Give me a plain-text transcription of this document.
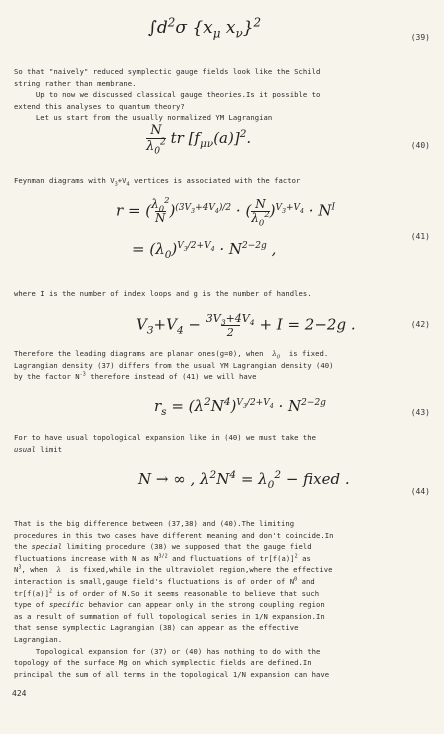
$\int d^2\sigma$ {$x_\mu$ $x_\nu\}^2$
(39)
So that "naively" reduced symplectic gauge fields look like the Schild
string rather than membrane.
Up to now we discussed classical gauge theories.Is it possible to
extend this analyses to quantum theory?
Let us start from the usually normalized YM Lagrangian
N
$\lambda_0^2$ tr $[f_{\mu\nu}(a)]^2$.	(40)
Feynman diagrams with $V_3+V_4$ vertices is associated with the factor
$r = (\lambda_0^2$
N )$^{(3V_3+4V_4)/2}$ · ( N
$\lambda_0^2)^{V_3+V_4} \cdot N^I$
= $(\lambda_0)^{V_3/2+V_4} \cdot N^{2-2g}$ ,
(41)
where I is the number of index loops and g is the number of handles.
$V_3+V_4 - 3V_3+4V_4$
2 + I = 2−2g .	(42)
Therefore the leading diagrams are planar ones(g=0), when  $\lambda_0$  is fixed.
Lagrangian density (37) differs from the usual YM Lagrangian density (40)
by the factor $N^{-3}$ therefore instead of (41) we will have
$r_s = (\lambda^2N^4)^{V_3/2+V_4} \cdot N^{2-2g}$
(43)
For to have usual topological expansion like in (40) we must take the
usual limit
N → ∞ , $\lambda^2N^4 = \lambda_0^2$ − fixed .
(44)
That is the big difference between (37,38) and (40).The limiting
procedures in this two cases have different meaning and don't coincide.In
the special limiting procedure (38) we supposed that the gauge field
fluctuations increase with N as $N^{3/2}$ and fluctuations of $tr[f(a)]^2$ as
$N^3$, when  λ  is fixed,while in the ultraviolet region,where the effective
interaction is small,gauge field's fluctuations is of order of $N^0$ and
$tr[f(a)]^2$ is of order of N.So it seems reasonable to believe that such
type of specific behavior can appear only in the strong coupling region
as a result of summation of full topological series in 1/N expansion.In
that sense symplectic Lagrangian (38) can appear as the effective
Lagrangian.
Topological expansion for (37) or (40) has nothing to do with the
topology of the surface Mg on which symplectic fields are defined.In
principal the sum of all terms in the topological 1/N expansion can have
424
